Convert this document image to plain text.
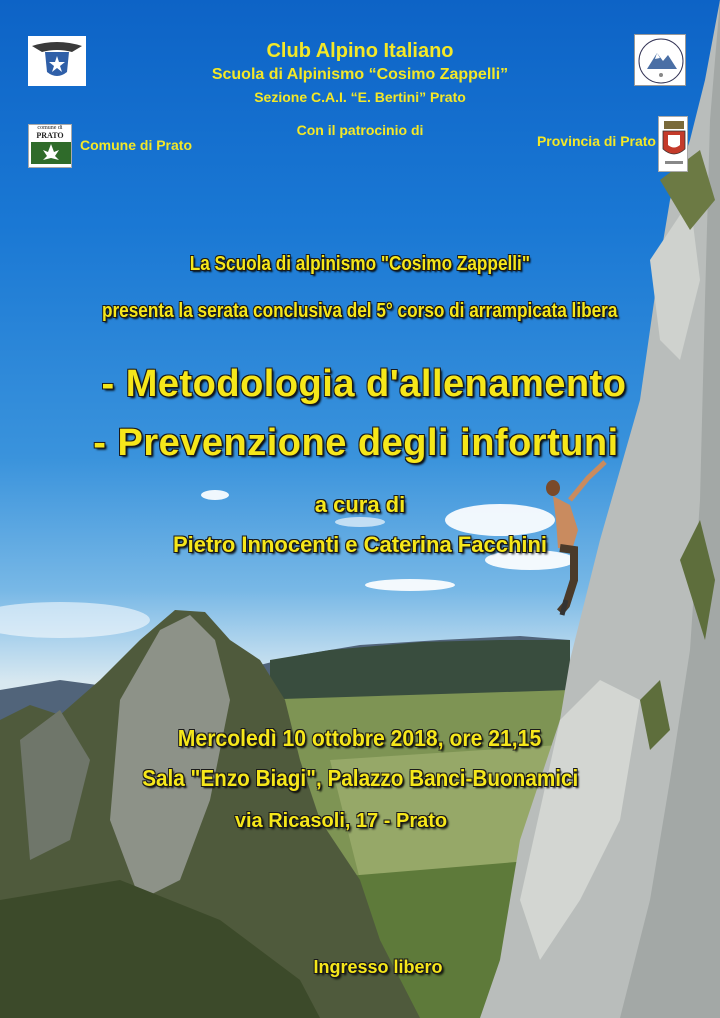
comune di
PRATO
Club Alpino Italiano
Scuola di Alpinismo “Cosimo Zappelli”
Sezione C.A.I. “E. Bertini” Prato
Con il patrocinio di
Comune di Prato	Provincia di Prato
La Scuola di alpinismo "Cosimo Zappelli"
presenta la serata conclusiva del 5° corso di arrampicata libera
- Metodologia d'allenamento
- Prevenzione degli infortuni
a cura di
Pietro Innocenti e Caterina Facchini
Mercoledì 10 ottobre 2018, ore 21,15
Sala "Enzo Biagi", Palazzo Banci-Buonamici
via Ricasoli, 17 - Prato
Ingresso libero
